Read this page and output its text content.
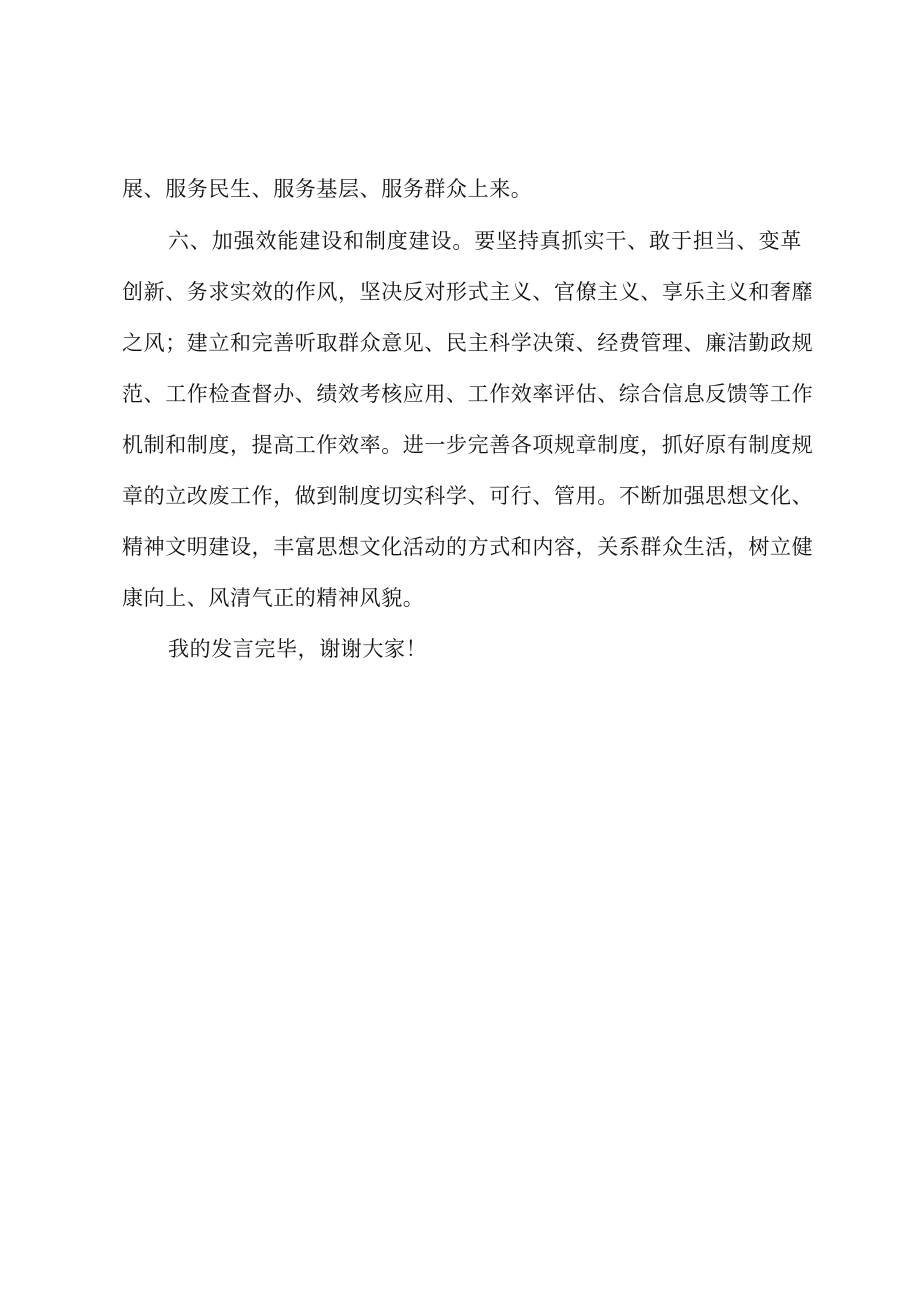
展、服务民生、服务基层、服务群众上来。
六、加强效能建设和制度建设。要坚持真抓实干、敢于担当、变革
创新、务求实效的作风，坚决反对形式主义、官僚主义、享乐主义和奢靡
之风；建立和完善听取群众意见、民主科学决策、经费管理、廉洁勤政规
范、工作检查督办、绩效考核应用、工作效率评估、综合信息反馈等工作
机制和制度，提高工作效率。进一步完善各项规章制度，抓好原有制度规
章的立改废工作，做到制度切实科学、可行、管用。不断加强思想文化、
精神文明建设，丰富思想文化活动的方式和内容，关系群众生活，树立健
康向上、风清气正的精神风貌。
我的发言完毕，谢谢大家！
